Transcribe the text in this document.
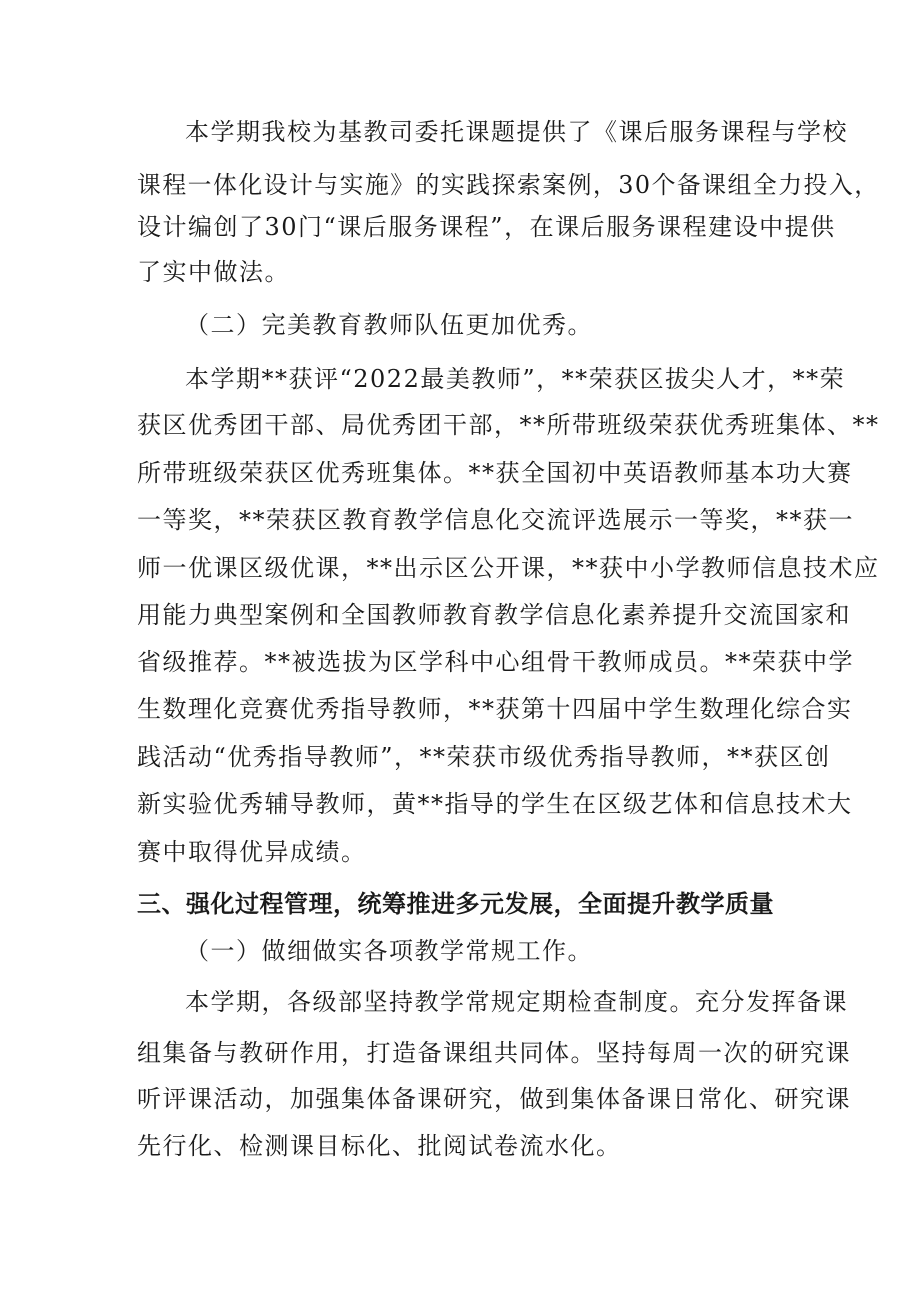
本学期我校为基教司委托课题提供了《课后服务课程与学校
课程一体化设计与实施》的实践探索案例，30个备课组全力投入，
设计编创了30门“课后服务课程”，在课后服务课程建设中提供
了实中做法。
（二）完美教育教师队伍更加优秀。
本学期**获评“2022最美教师”，**荣获区拔尖人才，**荣
获区优秀团干部、局优秀团干部，**所带班级荣获优秀班集体、**
所带班级荣获区优秀班集体。**获全国初中英语教师基本功大赛
一等奖，**荣获区教育教学信息化交流评选展示一等奖，**获一
师一优课区级优课，**出示区公开课，**获中小学教师信息技术应
用能力典型案例和全国教师教育教学信息化素养提升交流国家和
省级推荐。**被选拔为区学科中心组骨干教师成员。**荣获中学
生数理化竞赛优秀指导教师，**获第十四届中学生数理化综合实
践活动“优秀指导教师”，**荣获市级优秀指导教师，**获区创
新实验优秀辅导教师，黄**指导的学生在区级艺体和信息技术大
赛中取得优异成绩。
三、强化过程管理，统筹推进多元发展，全面提升教学质量
（一）做细做实各项教学常规工作。
本学期，各级部坚持教学常规定期检查制度。充分发挥备课
组集备与教研作用，打造备课组共同体。坚持每周一次的研究课
听评课活动，加强集体备课研究，做到集体备课日常化、研究课
先行化、检测课目标化、批阅试卷流水化。
